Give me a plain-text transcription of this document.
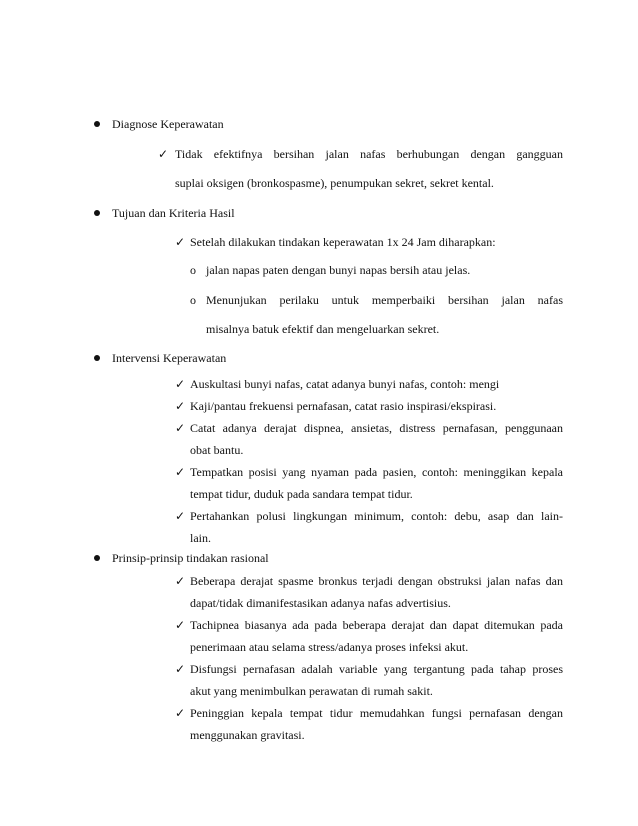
Diagnose Keperawatan
✓ Tidak efektifnya bersihan jalan nafas berhubungan dengan gangguan
suplai oksigen (bronkospasme), penumpukan sekret, sekret kental.
Tujuan dan Kriteria Hasil
✓ Setelah dilakukan tindakan keperawatan 1x 24 Jam diharapkan:
o jalan napas paten dengan bunyi napas bersih atau jelas.
o Menunjukan perilaku untuk memperbaiki bersihan jalan nafas
misalnya batuk efektif dan mengeluarkan sekret.
Intervensi Keperawatan
✓ Auskultasi bunyi nafas, catat adanya bunyi nafas, contoh: mengi
✓ Kaji/pantau frekuensi pernafasan, catat rasio inspirasi/ekspirasi.
✓ Catat adanya derajat dispnea, ansietas, distress pernafasan, penggunaan
obat bantu.
✓ Tempatkan posisi yang nyaman pada pasien, contoh: meninggikan kepala
tempat tidur, duduk pada sandara tempat tidur.
✓ Pertahankan polusi lingkungan minimum, contoh: debu, asap dan lain-
lain.
Prinsip-prinsip tindakan rasional
✓ Beberapa derajat spasme bronkus terjadi dengan obstruksi jalan nafas dan
dapat/tidak dimanifestasikan adanya nafas advertisius.
✓ Tachipnea biasanya ada pada beberapa derajat dan dapat ditemukan pada
penerimaan atau selama stress/adanya proses infeksi akut.
✓ Disfungsi pernafasan adalah variable yang tergantung pada tahap proses
akut yang menimbulkan perawatan di rumah sakit.
✓ Peninggian kepala tempat tidur memudahkan fungsi pernafasan dengan
menggunakan gravitasi.
